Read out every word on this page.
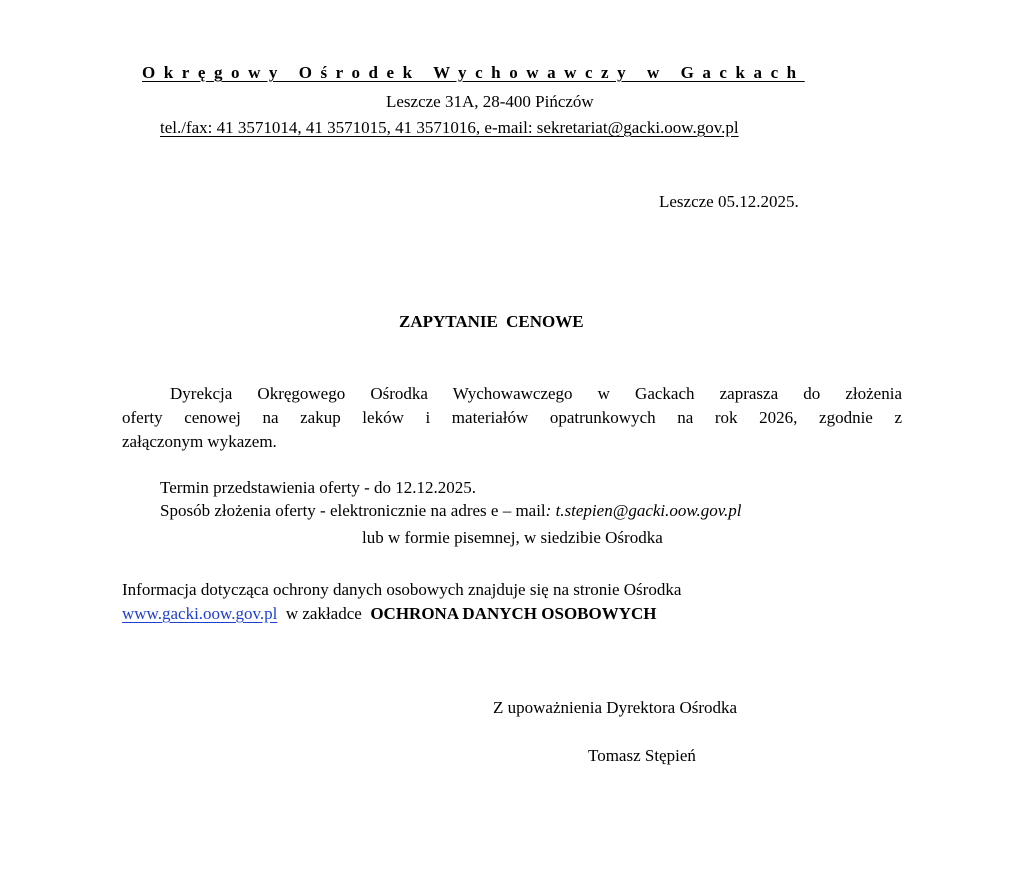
Okręgowy Ośrodek Wychowawczy w Gackach
Leszcze 31A, 28-400 Pińczów
tel./fax: 41 3571014, 41 3571015, 41 3571016, e-mail: sekretariat@gacki.oow.gov.pl
Leszcze 05.12.2025.
ZAPYTANIE CENOWE
Dyrekcja Okręgowego Ośrodka Wychowawczego w Gackach zaprasza do złożenia
oferty cenowej na zakup leków i materiałów opatrunkowych na rok 2026, zgodnie z
załączonym wykazem.
Termin przedstawienia oferty - do 12.12.2025.
Sposób złożenia oferty - elektronicznie na adres e – mail: t.stepien@gacki.oow.gov.pl
lub w formie pisemnej, w siedzibie Ośrodka
Informacja dotycząca ochrony danych osobowych znajduje się na stronie Ośrodka
www.gacki.oow.gov.pl  w zakładce  OCHRONA DANYCH OSOBOWYCH
Z upoważnienia Dyrektora Ośrodka
Tomasz Stępień
